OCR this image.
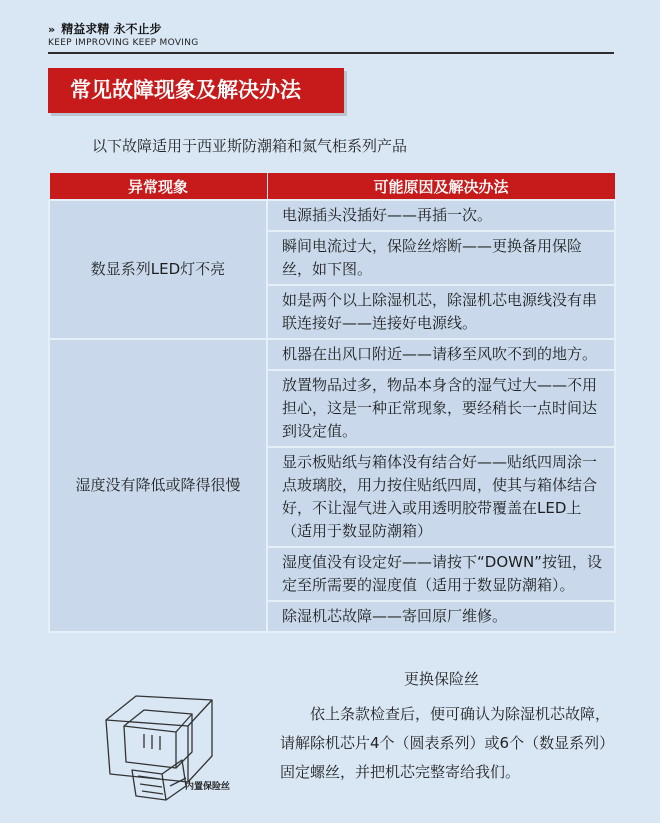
» 精益求精 永不止步
KEEP IMPROVING KEEP MOVING
常见故障现象及解决办法
以下故障适用于西亚斯防潮箱和氮气柜系列产品
异常现象	可能原因及解决办法
数显系列LED灯不亮	电源插头没插好——再插一次。
	瞬间电流过大，保险丝熔断——更换备用保险丝，如下图。
	如是两个以上除湿机芯，除湿机芯电源线没有串联连接好——连接好电源线。
湿度没有降低或降得很慢	机器在出风口附近——请移至风吹不到的地方。
	放置物品过多，物品本身含的湿气过大——不用担心，这是一种正常现象，要经稍长一点时间达到设定值。
	显示板贴纸与箱体没有结合好——贴纸四周涂一点玻璃胶，用力按住贴纸四周，使其与箱体结合好，不让湿气进入或用透明胶带覆盖在LED上（适用于数显防潮箱）
	湿度值没有设定好——请按下“DOWN”按钮，设定至所需要的湿度值（适用于数显防潮箱）。
	除湿机芯故障——寄回原厂维修。
更换保险丝
内置保险丝

依上条款检查后，便可确认为除湿机芯故障，请解除机芯片4个（圆表系列）或6个（数显系列）固定螺丝，并把机芯完整寄给我们。
